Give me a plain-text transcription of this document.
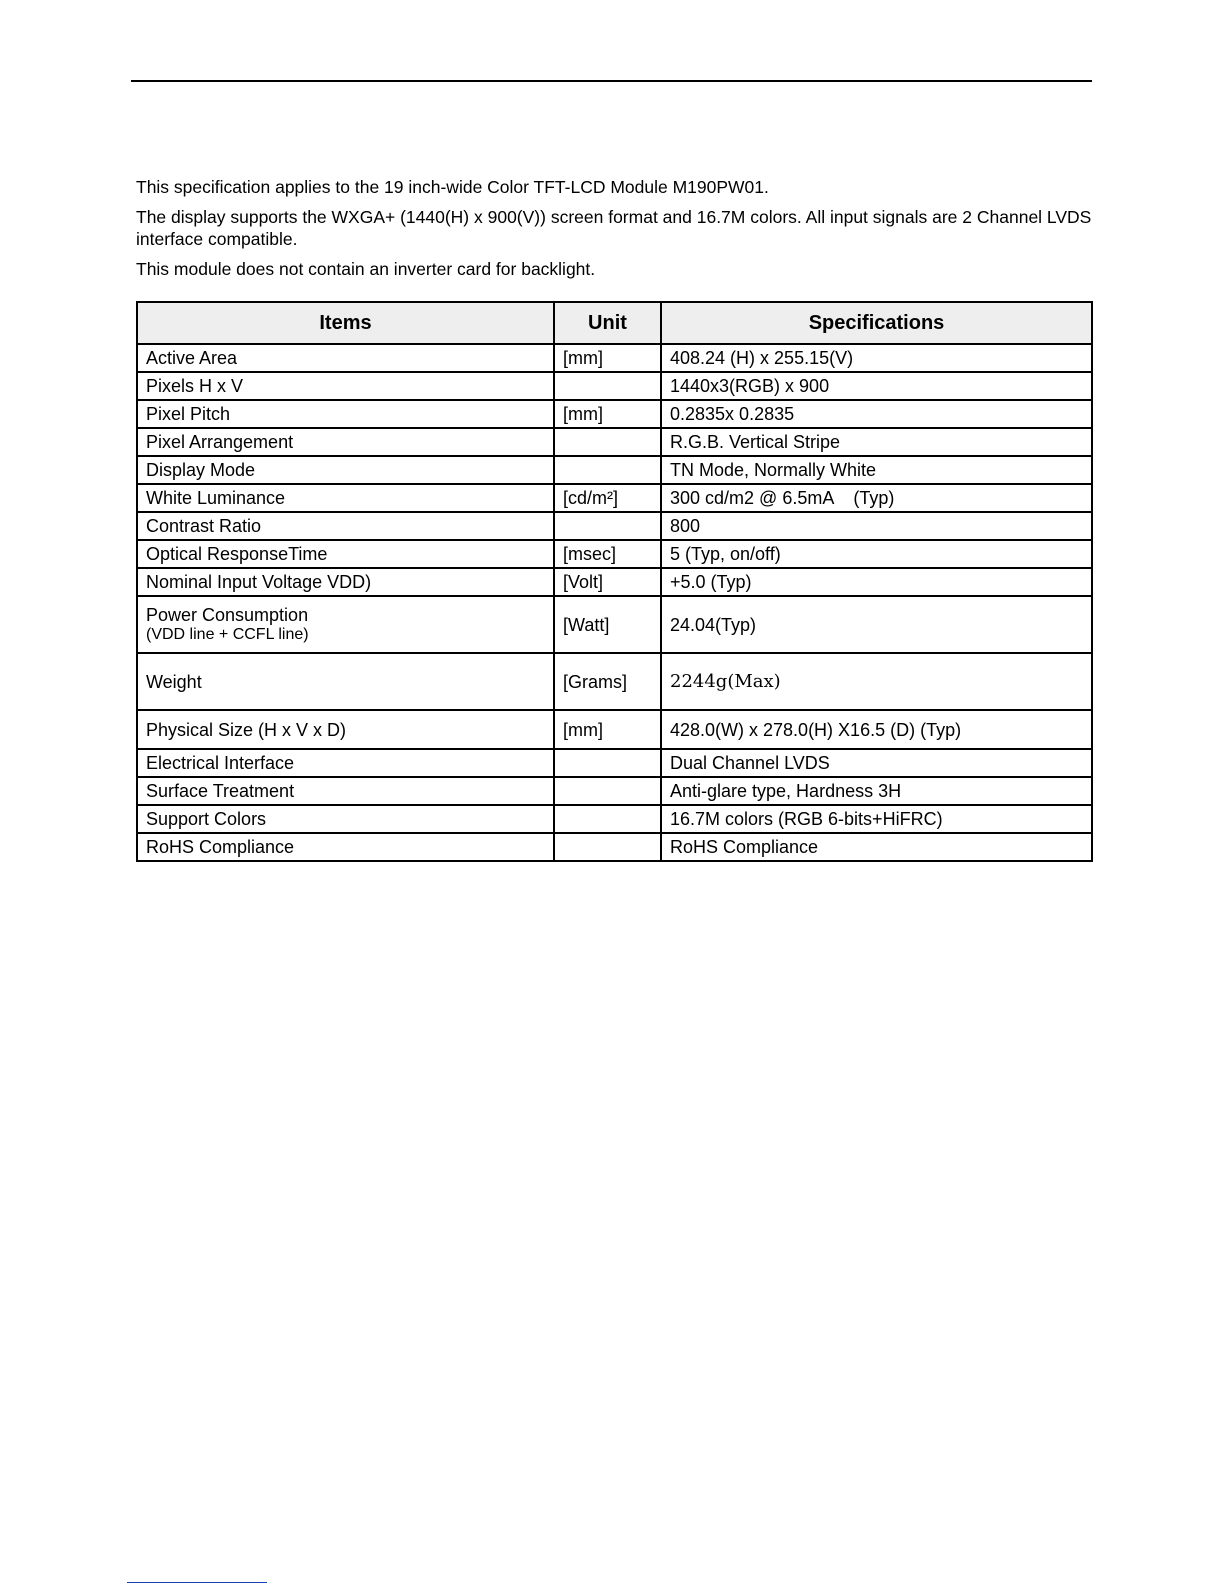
This specification applies to the 19 inch-wide Color TFT-LCD Module M190PW01.

The display supports the WXGA+ (1440(H) x 900(V)) screen format and 16.7M colors. All input signals are 2 Channel LVDS interface compatible.

This module does not contain an inverter card for backlight.

Items	Unit	Specifications
Active Area	[mm]	408.24 (H) x 255.15(V)
Pixels H x V		1440x3(RGB) x 900
Pixel Pitch	[mm]	0.2835x 0.2835
Pixel Arrangement		R.G.B. Vertical Stripe
Display Mode		TN Mode, Normally White
White Luminance	[cd/m²]	300 cd/m2 @ 6.5mA    (Typ)
Contrast Ratio		800
Optical ResponseTime	[msec]	5 (Typ, on/off)
Nominal Input Voltage VDD)	[Volt]	+5.0 (Typ)
Power Consumption
(VDD line + CCFL line)	[Watt]	24.04(Typ)
Weight	[Grams]	2244g(Max)
Physical Size (H x V x D)	[mm]	428.0(W) x 278.0(H) X16.5 (D) (Typ)
Electrical Interface		Dual Channel LVDS
Surface Treatment		Anti-glare type, Hardness 3H
Support Colors		16.7M colors (RGB 6-bits+HiFRC)
RoHS Compliance		RoHS Compliance
